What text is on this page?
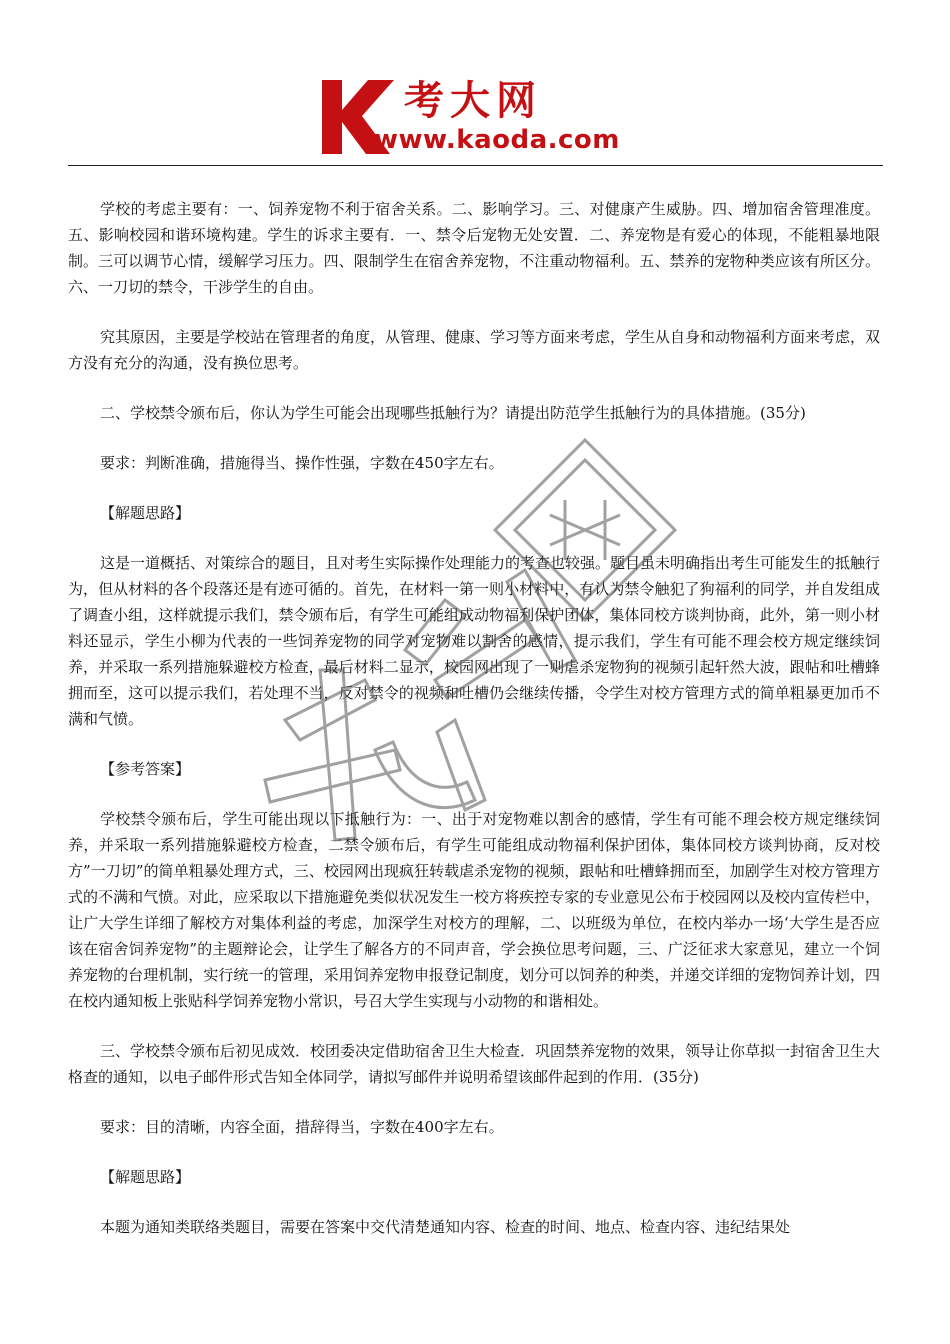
考大网
www.kaoda.com

学校的考虑主要有：一、饲养宠物不利于宿舍关系。二、影响学习。三、对健康产生威胁。四、增加宿舍管理准度。五、影响校园和谐环境构建。学生的诉求主要有．一、禁令后宠物无处安置．二、养宠物是有爱心的体现，不能粗暴地限制。三可以调节心情，缓解学习压力。四、限制学生在宿舍养宠物，不注重动物福利。五、禁养的宠物种类应该有所区分。六、一刀切的禁令，干涉学生的自由。

究其原因，主要是学校站在管理者的角度，从管理、健康、学习等方面来考虑，学生从自身和动物福利方面来考虑，双方没有充分的沟通，没有换位思考。

二、学校禁令颁布后，你认为学生可能会出现哪些抵触行为？请提出防范学生抵触行为的具体措施。(35分)

要求：判断准确，措施得当、操作性强，字数在450字左右。

【解题思路】

这是一道概括、对策综合的题目，且对考生实际操作处理能力的考查也较强。题目虽未明确指出考生可能发生的抵触行为，但从材料的各个段落还是有迹可循的。首先，在材料一第一则小材料中，有认为禁令触犯了狗福利的同学，并自发组成了调查小组，这样就提示我们，禁令颁布后，有学生可能组成动物福利保护团体，集体同校方谈判协商，此外，第一则小材料还显示，学生小柳为代表的一些饲养宠物的同学对宠物难以割舍的感情，提示我们，学生有可能不理会校方规定继续饲养，并采取一系列措施躲避校方检查，最后材料二显示，校园网出现了一则虐杀宠物狗的视频引起轩然大波，跟帖和吐槽蜂拥而至，这可以提示我们，若处理不当，反对禁令的视频和吐槽仍会继续传播，令学生对校方管理方式的简单粗暴更加币不满和气愤。

【参考答案】

学校禁令颁布后，学生可能出现以下抵触行为：一、出于对宠物难以割舍的感情，学生有可能不理会校方规定继续饲养，并采取一系列措施躲避校方检查，二禁令颁布后，有学生可能组成动物福利保护团体，集体同校方谈判协商，反对校方”一刀切”的简单粗暴处理方式，三、校园网出现疯狂转载虐杀宠物的视频，跟帖和吐槽蜂拥而至，加剧学生对校方管理方式的不满和气愤。对此，应采取以下措施避免类似状况发生一校方将疾控专家的专业意见公布于校园网以及校内宣传栏中，让广大学生详细了解校方对集体利益的考虑，加深学生对校方的理解，二、以班级为单位，在校内举办一场‘大学生是否应该在宿舍饲养宠物”的主题辩论会，让学生了解各方的不同声音，学会换位思考问题，三、广泛征求大家意见，建立一个饲养宠物的台理机制，实行统一的管理，采用饲养宠物申报登记制度，划分可以饲养的种类，并递交详细的宠物饲养计划，四在校内通知板上张贴科学饲养宠物小常识，号召大学生实现与小动物的和谐相处。

三、学校禁令颁布后初见成效．校团委决定借助宿舍卫生大检查．巩固禁养宠物的效果，领导让你草拟一封宿舍卫生大格查的通知，以电子邮件形式告知全体同学，请拟写邮件并说明希望该邮件起到的作用．(35分)

要求：目的清晰，内容全面，措辞得当，字数在400字左右。

【解题思路】

本题为通知类联络类题目，需要在答案中交代清楚通知内容、检查的时间、地点、检查内容、违纪结果处
